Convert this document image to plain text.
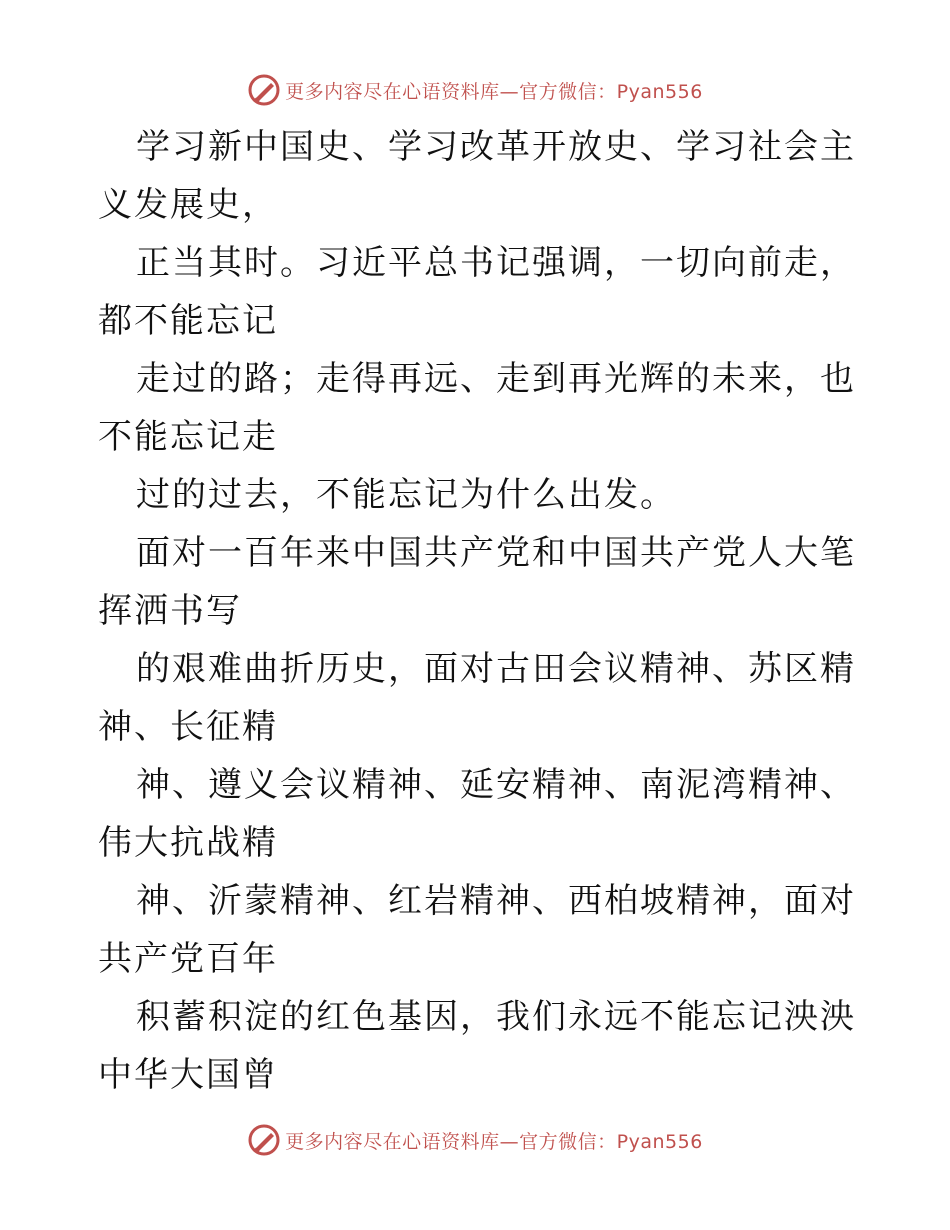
更多内容尽在心语资料库—官方微信：Pyan556

学习新中国史、学习改革开放史、学习社会主义发展史，

正当其时。习近平总书记强调，一切向前走，都不能忘记

走过的路；走得再远、走到再光辉的未来，也不能忘记走

过的过去，不能忘记为什么出发。

面对一百年来中国共产党和中国共产党人大笔挥洒书写

的艰难曲折历史，面对古田会议精神、苏区精神、长征精

神、遵义会议精神、延安精神、南泥湾精神、伟大抗战精

神、沂蒙精神、红岩精神、西柏坡精神，面对共产党百年

积蓄积淀的红色基因，我们永远不能忘记泱泱中华大国曾

更多内容尽在心语资料库—官方微信：Pyan556
